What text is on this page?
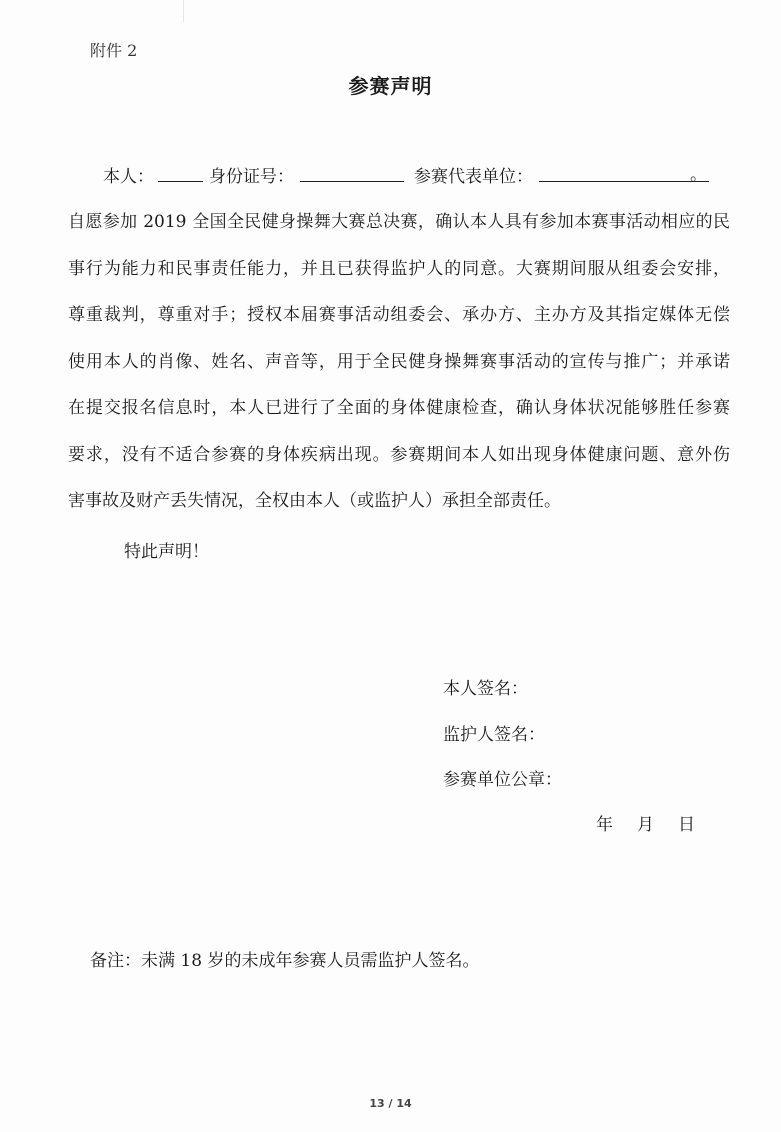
附件 2
参赛声明
本人：	身份证号：	参赛代表单位：	。
自愿参加 2019 全国全民健身操舞大赛总决赛，确认本人具有参加本赛事活动相应的民
事行为能力和民事责任能力，并且已获得监护人的同意。大赛期间服从组委会安排，
尊重裁判，尊重对手；授权本届赛事活动组委会、承办方、主办方及其指定媒体无偿
使用本人的肖像、姓名、声音等，用于全民健身操舞赛事活动的宣传与推广；并承诺
在提交报名信息时，本人已进行了全面的身体健康检查，确认身体状况能够胜任参赛
要求，没有不适合参赛的身体疾病出现。参赛期间本人如出现身体健康问题、意外伤
害事故及财产丢失情况，全权由本人（或监护人）承担全部责任。
特此声明！
本人签名：
监护人签名：
参赛单位公章：
年 月 日
备注：未满 18 岁的未成年参赛人员需监护人签名。
13 / 14
